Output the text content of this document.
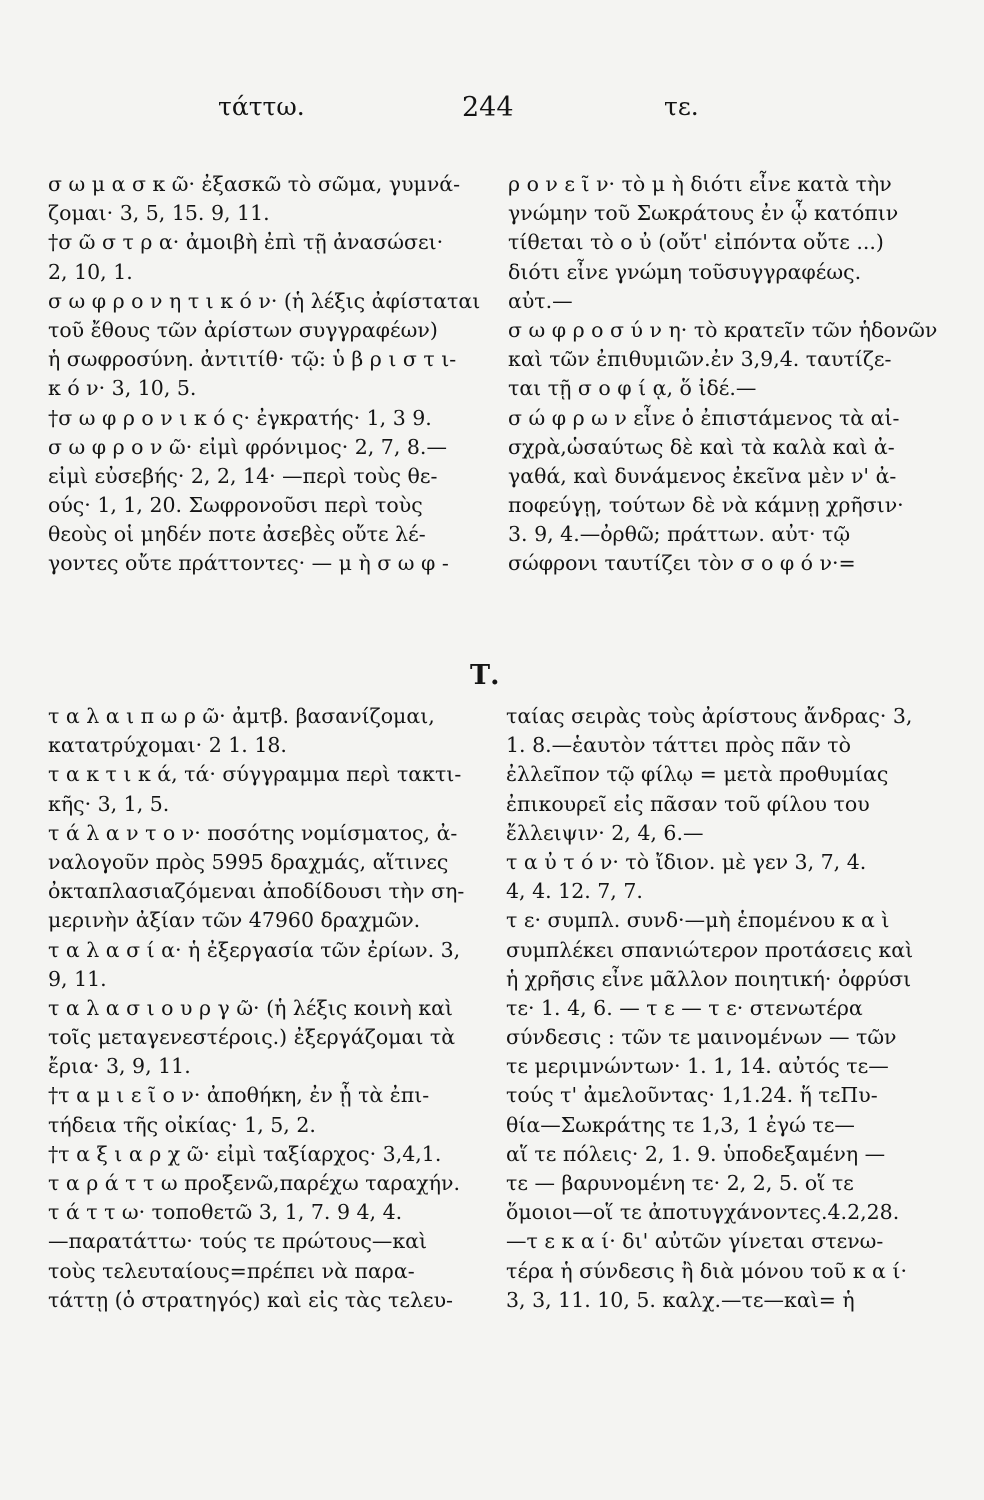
τάττω.	244	τε.
σ ω μ α σ κ ῶ· ἐξασκῶ τὸ σῶμα, γυμνά-
ζομαι· 3, 5, 15. 9, 11.
†σ ῶ σ τ ρ α· ἀμοιβὴ ἐπὶ τῇ ἀνασώσει·
2, 10, 1.
σ ω φ ρ ο ν η τ ι κ ό ν· (ἡ λέξις ἀφίσταται
τοῦ ἔθους τῶν ἀρίστων συγγραφέων)
ἡ σωφροσύνη. ἀντιτίθ· τῷ: ὑ β ρ ι σ τ ι-
κ ό ν· 3, 10, 5.
†σ ω φ ρ ο ν ι κ ό ς· ἐγκρατής· 1, 3 9.
σ ω φ ρ ο ν ῶ· εἰμὶ φρόνιμος· 2, 7, 8.—
εἰμὶ εὐσεβής· 2, 2, 14· —περὶ τοὺς θε-
ούς· 1, 1, 20. Σωφρονοῦσι περὶ τοὺς
θεοὺς οἱ μηδέν ποτε ἀσεβὲς οὔτε λέ-
γοντες οὔτε πράττοντες· — μ ὴ σ ω φ -
ρ ο ν ε ῖ ν· τὸ μ ὴ διότι εἶνε κατὰ τὴν
γνώμην τοῦ Σωκράτους ἐν ᾧ κατόπιν
τίθεται τὸ ο ὐ (οὔτ' εἰπόντα οὔτε ...)
διότι εἶνε γνώμη τοῦσυγγραφέως.
αὐτ.—
σ ω φ ρ ο σ ύ ν η· τὸ κρατεῖν τῶν ἡδονῶν
καὶ τῶν ἐπιθυμιῶν.ἐν 3,9,4. ταυτίζε-
ται τῇ σ ο φ ί ᾳ, ὅ ἰδέ.—
σ ώ φ ρ ω ν εἶνε ὁ ἐπιστάμενος τὰ αἰ-
σχρὰ,ὡσαύτως δὲ καὶ τὰ καλὰ καὶ ἀ-
γαθά, καὶ δυνάμενος ἐκεῖνα μὲν ν' ἀ-
ποφεύγῃ, τούτων δὲ νὰ κάμνῃ χρῆσιν·
3. 9, 4.—ὀρθῶ; πράττων. αὐτ· τῷ
σώφρονι ταυτίζει τὸν σ ο φ ό ν·=
Τ.
τ α λ α ι π ω ρ ῶ· ἀμτβ. βασανίζομαι,
κατατρύχομαι· 2 1. 18.
τ α κ τ ι κ ά, τά· σύγγραμμα περὶ τακτι-
κῆς· 3, 1, 5.
τ ά λ α ν τ ο ν· ποσότης νομίσματος, ἀ-
ναλογοῦν πρὸς 5995 δραχμάς, αἵτινες
ὀκταπλασιαζόμεναι ἀποδίδουσι τὴν ση-
μερινὴν ἀξίαν τῶν 47960 δραχμῶν.
τ α λ α σ ί α· ἡ ἐξεργασία τῶν ἐρίων. 3,
9, 11.
τ α λ α σ ι ο υ ρ γ ῶ· (ἡ λέξις κοινὴ καὶ
τοῖς μεταγενεστέροις.) ἐξεργάζομαι τὰ
ἔρια· 3, 9, 11.
†τ α μ ι ε ῖ ο ν· ἀποθήκη, ἐν ᾗ τὰ ἐπι-
τήδεια τῆς οἰκίας· 1, 5, 2.
†τ α ξ ι α ρ χ ῶ· εἰμὶ ταξίαρχος· 3,4,1.
τ α ρ ά τ τ ω προξενῶ,παρέχω ταραχήν.
τ ά τ τ ω· τοποθετῶ 3, 1, 7. 9 4, 4.
—παρατάττω· τούς τε πρώτους—καὶ
τοὺς τελευταίους=πρέπει νὰ παρα-
τάττῃ (ὁ στρατηγός) καὶ εἰς τὰς τελευ-
ταίας σειρὰς τοὺς ἀρίστους ἄνδρας· 3,
1. 8.—ἑαυτὸν τάττει πρὸς πᾶν τὸ
ἐλλεῖπον τῷ φίλῳ = μετὰ προθυμίας
ἐπικουρεῖ εἰς πᾶσαν τοῦ φίλου του
ἔλλειψιν· 2, 4, 6.—
τ α ὐ τ ό ν· τὸ ἴδιον. μὲ γεν 3, 7, 4.
4, 4. 12. 7, 7.
τ ε· συμπλ. συνδ·—μὴ ἑπομένου κ α ὶ
συμπλέκει σπανιώτερον προτάσεις καὶ
ἡ χρῆσις εἶνε μᾶλλον ποιητική· ὀφρύσι
τε· 1. 4, 6. — τ ε — τ ε· στενωτέρα
σύνδεσις : τῶν τε μαινομένων — τῶν
τε μεριμνώντων· 1. 1, 14. αὐτός τε—
τούς τ' ἀμελοῦντας· 1,1.24. ἥ τεΠυ-
θία—Σωκράτης τε 1,3, 1 ἐγώ τε—
αἵ τε πόλεις· 2, 1. 9. ὑποδεξαμένη —
τε — βαρυνομένη τε· 2, 2, 5. οἵ τε
ὅμοιοι—οἵ τε ἀποτυγχάνοντες.4.2,28.
—τ ε κ α ί· δι' αὐτῶν γίνεται στενω-
τέρα ἡ σύνδεσις ἢ διὰ μόνου τοῦ κ α ί·
3, 3, 11. 10, 5. καλχ.—τε—καὶ= ἡ
